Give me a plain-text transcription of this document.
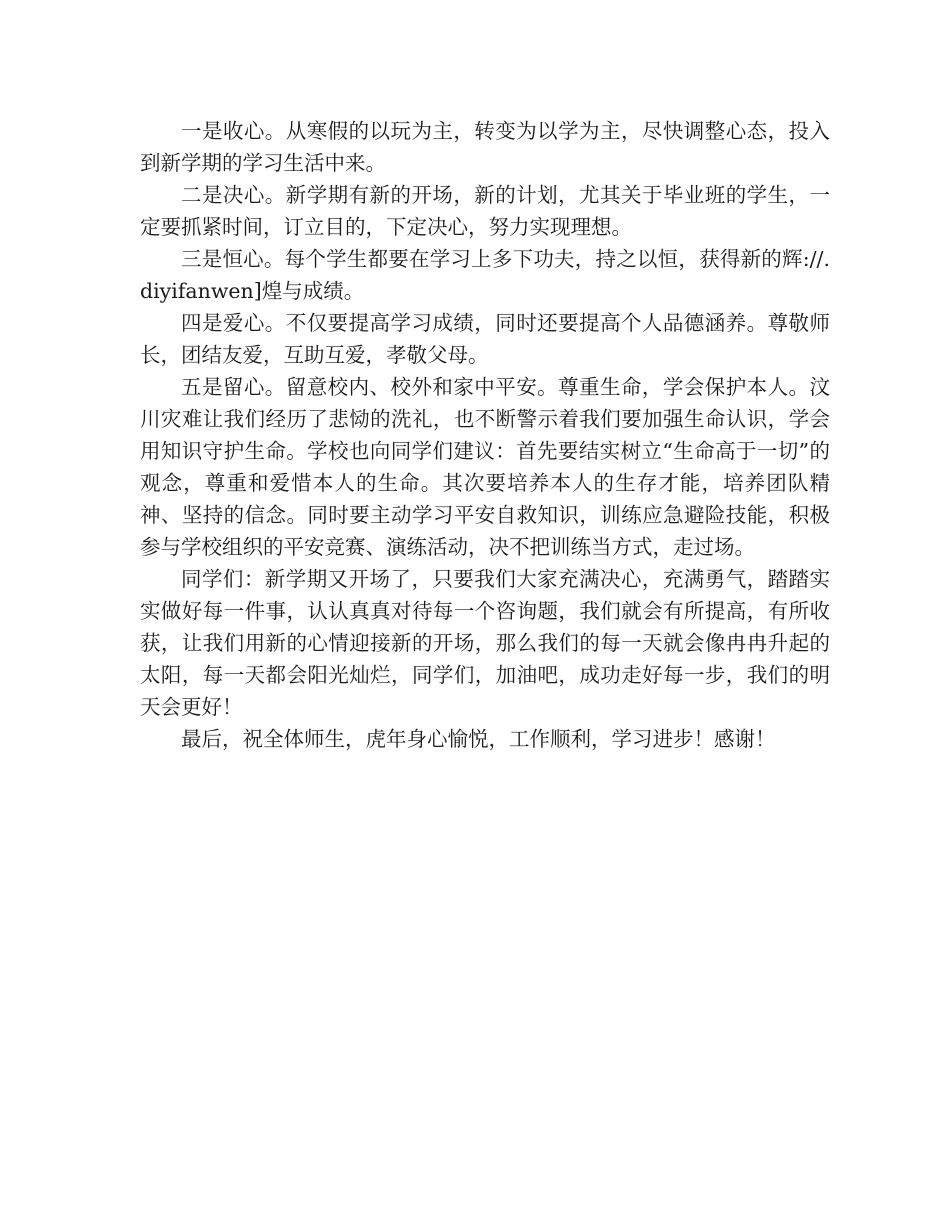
一是收心。从寒假的以玩为主，转变为以学为主，尽快调整心态，投入到新学期的学习生活中来。

二是决心。新学期有新的开场，新的计划，尤其关于毕业班的学生，一定要抓紧时间，订立目的，下定决心，努力实现理想。

三是恒心。每个学生都要在学习上多下功夫，持之以恒，获得新的辉://.diyifanwen]煌与成绩。

四是爱心。不仅要提高学习成绩，同时还要提高个人品德涵养。尊敬师长，团结友爱，互助互爱，孝敬父母。

五是留心。留意校内、校外和家中平安。尊重生命，学会保护本人。汶川灾难让我们经历了悲恸的洗礼，也不断警示着我们要加强生命认识，学会用知识守护生命。学校也向同学们建议：首先要结实树立“生命高于一切”的观念，尊重和爱惜本人的生命。其次要培养本人的生存才能，培养团队精神、坚持的信念。同时要主动学习平安自救知识，训练应急避险技能，积极参与学校组织的平安竞赛、演练活动，决不把训练当方式，走过场。

同学们：新学期又开场了，只要我们大家充满决心，充满勇气，踏踏实实做好每一件事，认认真真对待每一个咨询题，我们就会有所提高，有所收获，让我们用新的心情迎接新的开场，那么我们的每一天就会像冉冉升起的太阳，每一天都会阳光灿烂，同学们，加油吧，成功走好每一步，我们的明天会更好！

最后，祝全体师生，虎年身心愉悦，工作顺利，学习进步！感谢！
